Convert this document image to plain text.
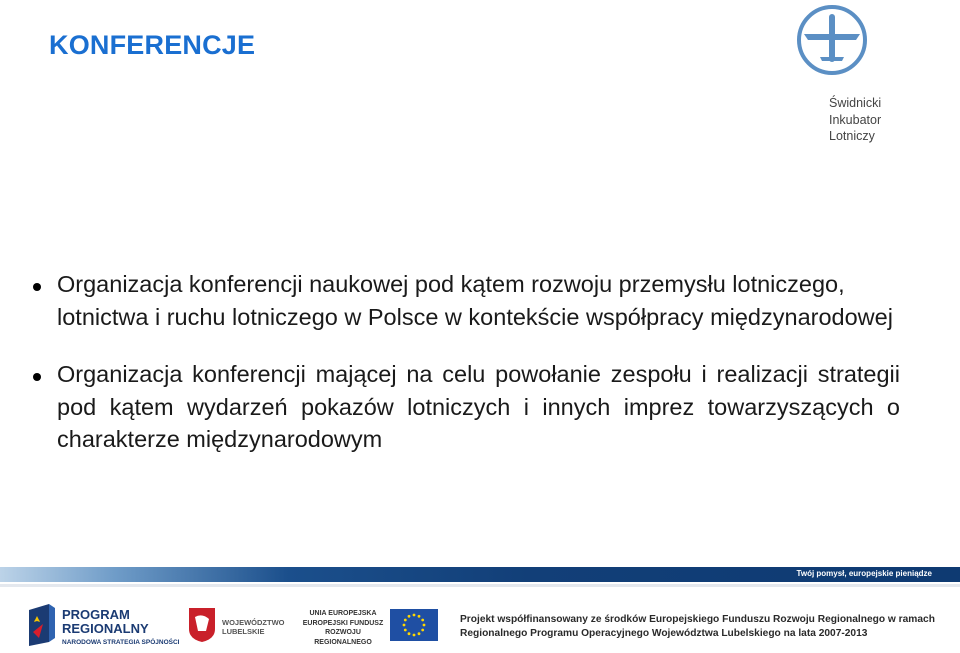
KONFERENCJE
Świdnicki
Inkubator
Lotniczy
Organizacja konferencji naukowej pod kątem rozwoju przemysłu lotniczego, lotnictwa i ruchu lotniczego w Polsce w kontekście współpracy międzynarodowej
Organizacja konferencji mającej na celu powołanie zespołu i realizacji strategii pod kątem wydarzeń pokazów lotniczych i innych imprez towarzyszących o charakterze międzynarodowym
Twój pomysł, europejskie pieniądze
PROGRAM
REGIONALNY
NARODOWA STRATEGIA SPÓJNOŚCI
WOJEWÓDZTWO
LUBELSKIE
UNIA EUROPEJSKA
EUROPEJSKI FUNDUSZ
ROZWOJU REGIONALNEGO
Projekt współfinansowany ze środków Europejskiego Funduszu Rozwoju Regionalnego w ramach
Regionalnego Programu Operacyjnego Województwa Lubelskiego na lata 2007-2013
